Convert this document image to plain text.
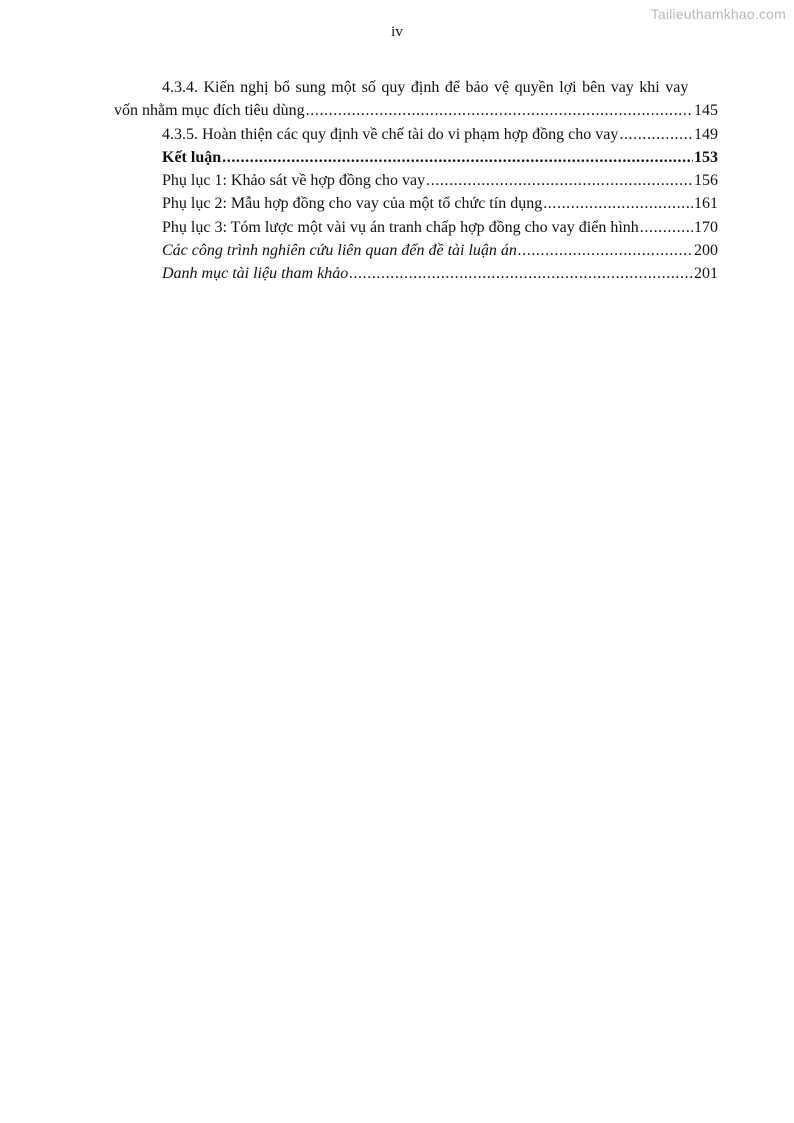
Tailieuthamkhao.com
iv
4.3.4. Kiến nghị bổ sung một số quy định để bảo vệ quyền lợi bên vay khi vay
vốn nhằm mục đích tiêu dùng .....	145
4.3.5. Hoàn thiện các quy định về chế tài do vi phạm hợp đồng cho vay .....	149
Kết luận .....	153
Phụ lục 1: Khảo sát về hợp đồng cho vay .....	156
Phụ lục 2: Mẫu hợp đồng cho vay của một tổ chức tín dụng .....	161
Phụ lục 3: Tóm lược một vài vụ án tranh chấp hợp đồng cho vay điển hình .....	170
Các công trình nghiên cứu liên quan đến đề tài luận án .....	200
Danh mục tài liệu tham khảo .....	201
